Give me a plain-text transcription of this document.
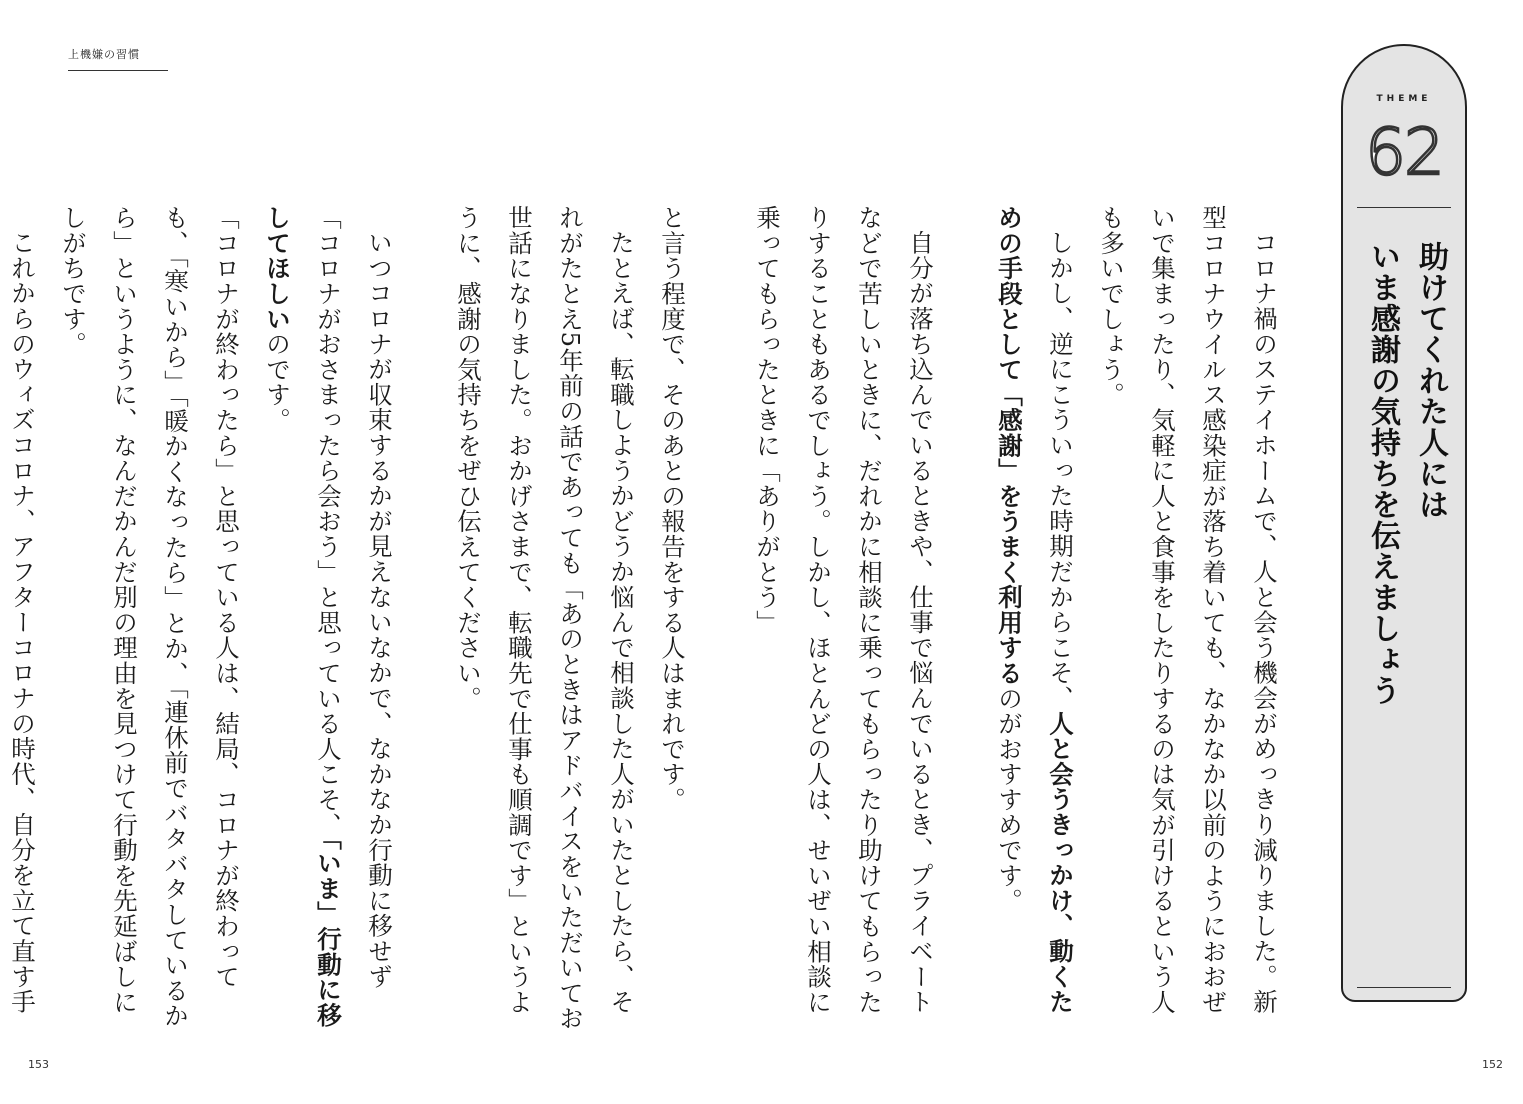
上機嫌の習慣
THEME
62
助けてくれた人には
いま感謝の気持ちを伝えましょう

コロナ禍のステイホームで、人と会う機会がめっきり減りました。新型コロナウイルス感染症が落ち着いても、なかなか以前のようにおおぜいで集まったり、気軽に人と食事をしたりするのは気が引けるという人も多いでしょう。

しかし、逆にこういった時期だからこそ、人と会うきっかけ、動くための手段として「感謝」をうまく利用するのがおすすめです。

自分が落ち込んでいるときや、仕事で悩んでいるとき、プライベートなどで苦しいときに、だれかに相談に乗ってもらったり助けてもらったりすることもあるでしょう。しかし、ほとんどの人は、せいぜい相談に乗ってもらったときに「ありがとう」

と言う程度で、そのあとの報告をする人はまれです。

たとえば、転職しようかどうか悩んで相談した人がいたとしたら、それがたとえ5年前の話であっても「あのときはアドバイスをいただいてお世話になりました。おかげさまで、転職先で仕事も順調です」というように、感謝の気持ちをぜひ伝えてください。

いつコロナが収束するかが見えないなかで、なかなか行動に移せず「コロナがおさまったら会おう」と思っている人こそ、「いま」行動に移してほしいのです。

「コロナが終わったら」と思っている人は、結局、コロナが終わっても、「寒いから」「暖かくなったら」とか、「連休前でバタバタしているから」というように、なんだかんだ別の理由を見つけて行動を先延ばしにしがちです。

これからのウィズコロナ、アフターコロナの時代、自分を立て直す手

153	152
